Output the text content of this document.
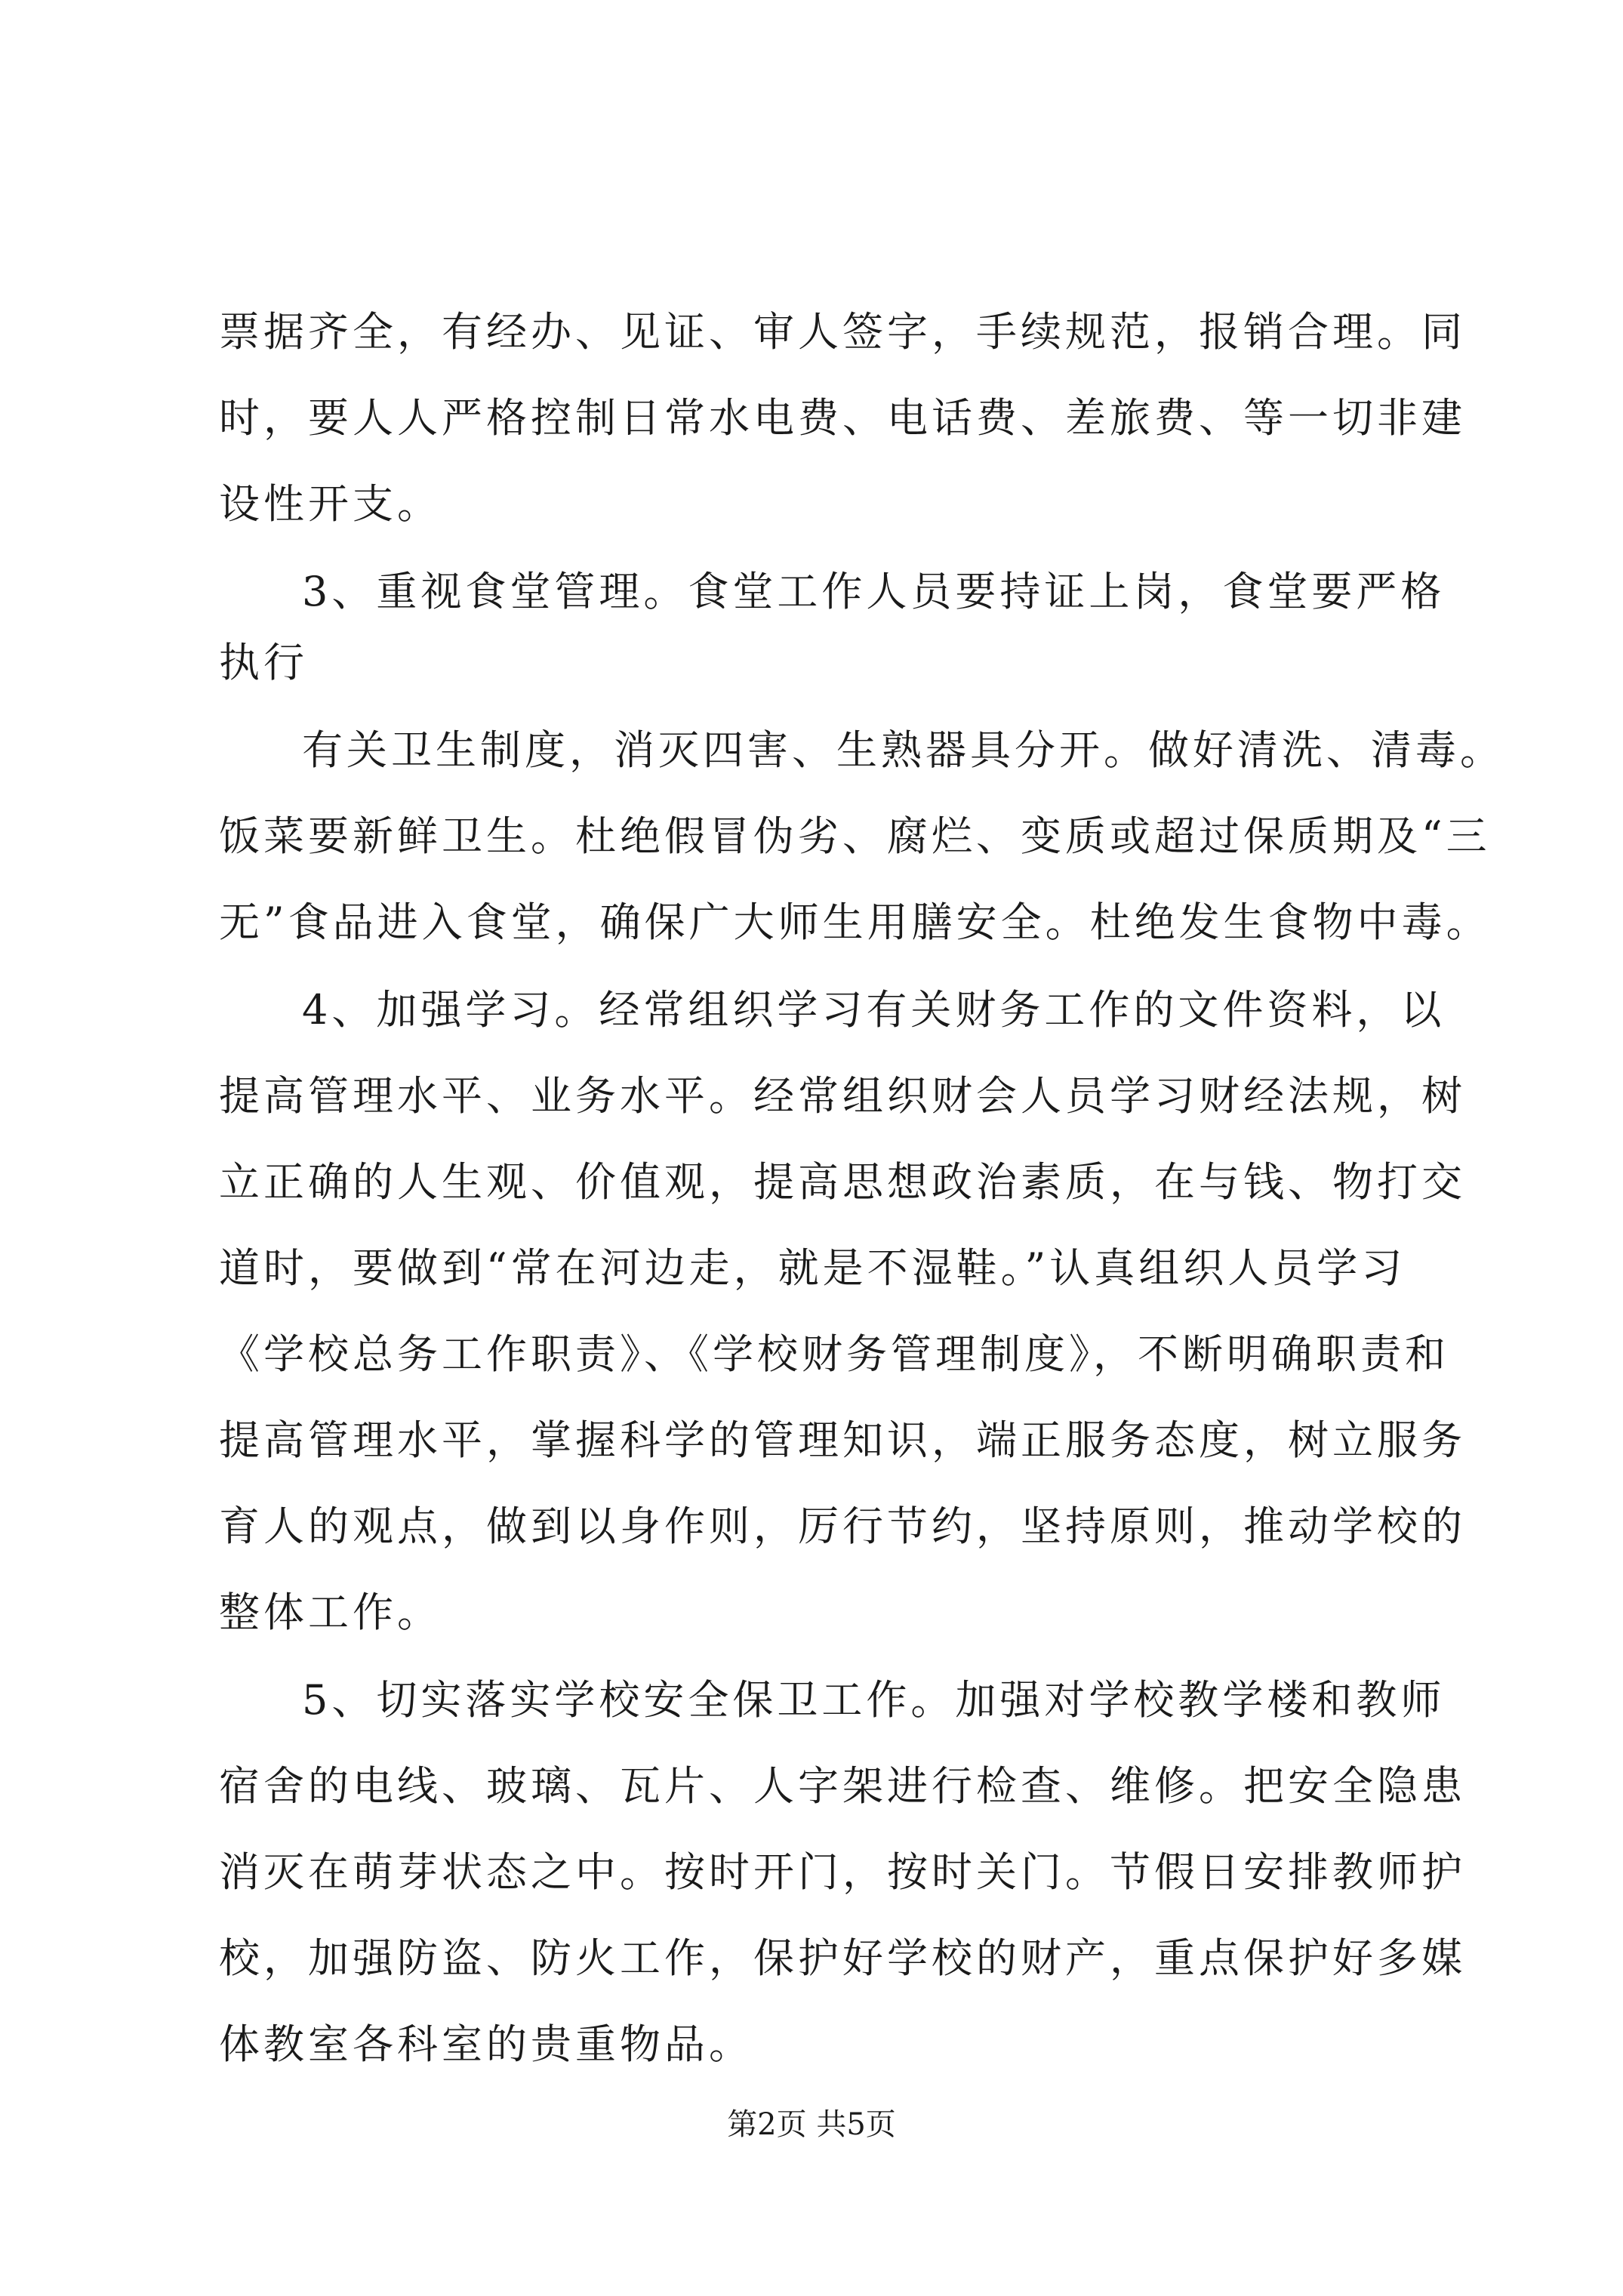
票据齐全，有经办、见证、审人签字，手续规范，报销合理。同
时，要人人严格控制日常水电费、电话费、差旅费、等一切非建
设性开支。
3、重视食堂管理。食堂工作人员要持证上岗，食堂要严格
执行
有关卫生制度，消灭四害、生熟器具分开。做好清洗、清毒。
饭菜要新鲜卫生。杜绝假冒伪劣、腐烂、变质或超过保质期及“三
无”食品进入食堂，确保广大师生用膳安全。杜绝发生食物中毒。
4、加强学习。经常组织学习有关财务工作的文件资料，以
提高管理水平、业务水平。经常组织财会人员学习财经法规，树
立正确的人生观、价值观，提高思想政治素质，在与钱、物打交
道时，要做到“常在河边走，就是不湿鞋。”认真组织人员学习
《学校总务工作职责》、《学校财务管理制度》，不断明确职责和
提高管理水平，掌握科学的管理知识，端正服务态度，树立服务
育人的观点，做到以身作则，厉行节约，坚持原则，推动学校的
整体工作。
5、切实落实学校安全保卫工作。加强对学校教学楼和教师
宿舍的电线、玻璃、瓦片、人字架进行检查、维修。把安全隐患
消灭在萌芽状态之中。按时开门，按时关门。节假日安排教师护
校，加强防盗、防火工作，保护好学校的财产，重点保护好多媒
体教室各科室的贵重物品。
第2页 共5页
